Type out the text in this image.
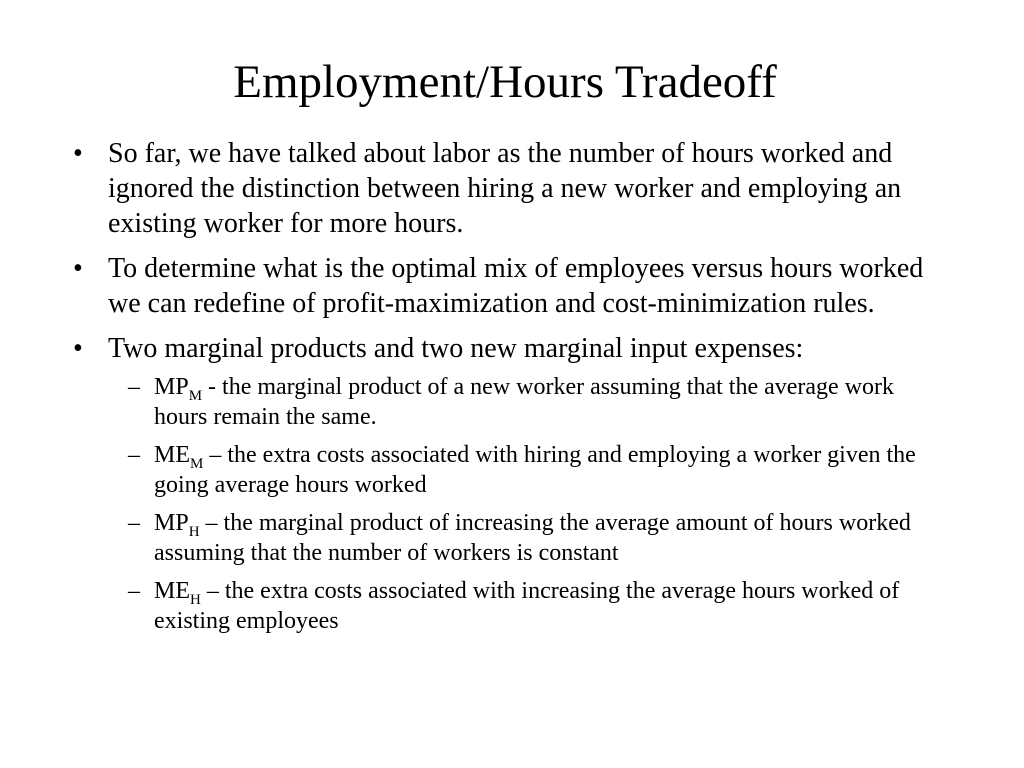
Employment/Hours Tradeoff
• So far, we have talked about labor as the number of hours worked and ignored the distinction between hiring a new worker and employing an existing worker for more hours.
• To determine what is the optimal mix of employees versus hours worked we can redefine of profit-maximization and cost-minimization rules.
• Two marginal products and two new marginal input expenses:
– $MP_M$ - the marginal product of a new worker assuming that the average work hours remain the same.
– $ME_M$ – the extra costs associated with hiring and employing a worker given the going average hours worked
– $MP_H$ – the marginal product of increasing the average amount of hours worked assuming that the number of workers is constant
– $ME_H$ – the extra costs associated with increasing the average hours worked of existing employees
